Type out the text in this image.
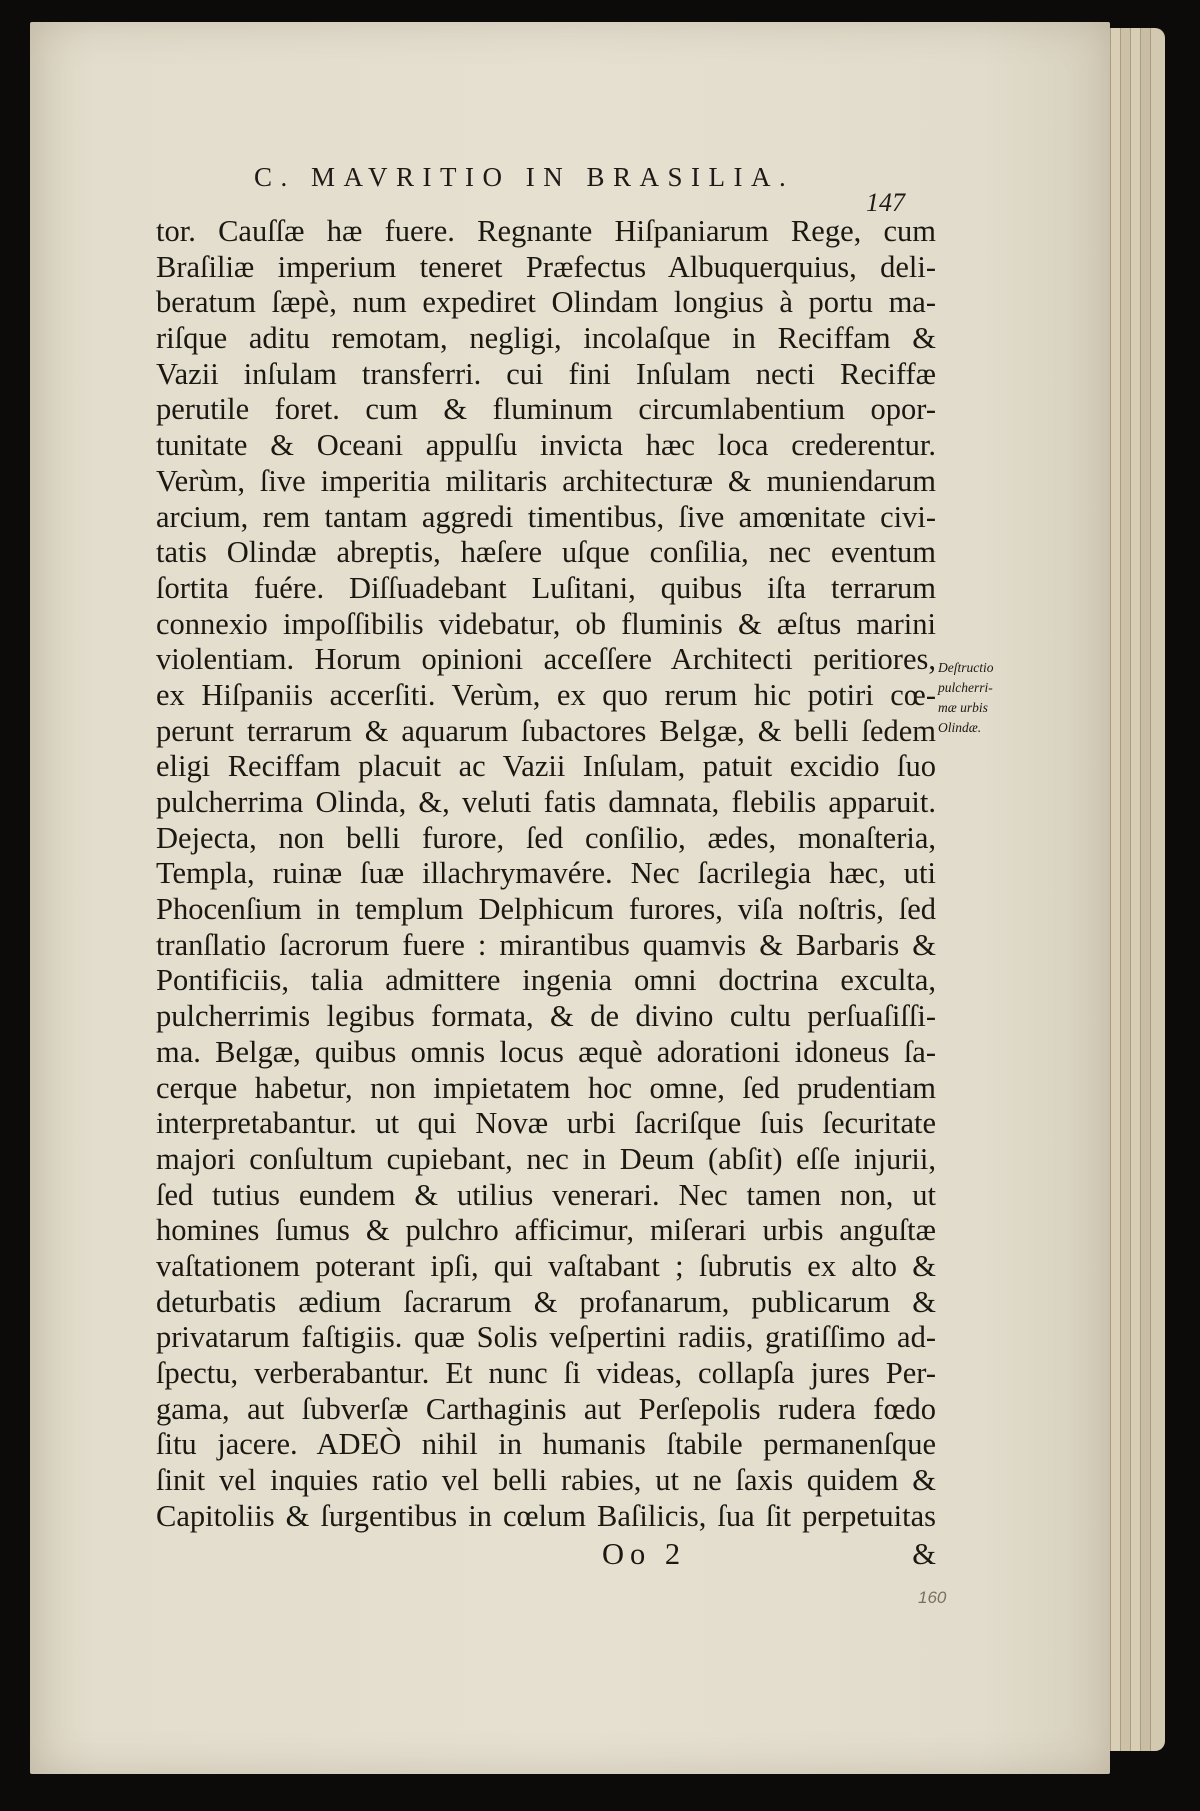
C. MAVRITIO IN BRASILIA.
147
tor. Cauſſæ hæ fuere. Regnante Hiſpaniarum Rege, cum
Braſiliæ imperium teneret Præfectus Albuquerquius, deli-
beratum ſæpè, num expediret Olindam longius à portu ma-
riſque aditu remotam, negligi, incolaſque in Reciffam &
Vazii inſulam transferri. cui fini Inſulam necti Reciffæ
perutile foret. cum & fluminum circumlabentium opor-
tunitate & Oceani appulſu invicta hæc loca crederentur.
Verùm, ſive imperitia militaris architecturæ & muniendarum
arcium, rem tantam aggredi timentibus, ſive amœnitate civi-
tatis Olindæ abreptis, hæſere uſque conſilia, nec eventum
ſortita fuére. Diſſuadebant Luſitani, quibus iſta terrarum
connexio impoſſibilis videbatur, ob fluminis & æſtus marini
violentiam. Horum opinioni acceſſere Architecti peritiores,
ex Hiſpaniis accerſiti. Verùm, ex quo rerum hic potiri cœ-
perunt terrarum & aquarum ſubactores Belgæ, & belli ſedem
eligi Reciffam placuit ac Vazii Inſulam, patuit excidio ſuo
pulcherrima Olinda, &, veluti fatis damnata, flebilis apparuit.
Dejecta, non belli furore, ſed conſilio, ædes, monaſteria,
Templa, ruinæ ſuæ illachrymavére. Nec ſacrilegia hæc, uti
Phocenſium in templum Delphicum furores, viſa noſtris, ſed
tranſlatio ſacrorum fuere : mirantibus quamvis & Barbaris &
Pontificiis, talia admittere ingenia omni doctrina exculta,
pulcherrimis legibus formata, & de divino cultu perſuaſiſſi-
ma. Belgæ, quibus omnis locus æquè adorationi idoneus ſa-
cerque habetur, non impietatem hoc omne, ſed prudentiam
interpretabantur. ut qui Novæ urbi ſacriſque ſuis ſecuritate
majori conſultum cupiebant, nec in Deum (abſit) eſſe injurii,
ſed tutius eundem & utilius venerari. Nec tamen non, ut
homines ſumus & pulchro afficimur, miſerari urbis anguſtæ
vaſtationem poterant ipſi, qui vaſtabant ; ſubrutis ex alto &
deturbatis ædium ſacrarum & profanarum, publicarum &
privatarum faſtigiis. quæ Solis veſpertini radiis, gratiſſimo ad-
ſpectu, verberabantur. Et nunc ſi videas, collapſa jures Per-
gama, aut ſubverſæ Carthaginis aut Perſepolis rudera fœdo
ſitu jacere. ADEÒ nihil in humanis ſtabile permanenſque
ſinit vel inquies ratio vel belli rabies, ut ne ſaxis quidem &
Capitoliis & ſurgentibus in cœlum Baſilicis, ſua ſit perpetuitas
Deſtructio
pulcherri-
mæ urbis
Olindæ.
Oo 2	&
160
